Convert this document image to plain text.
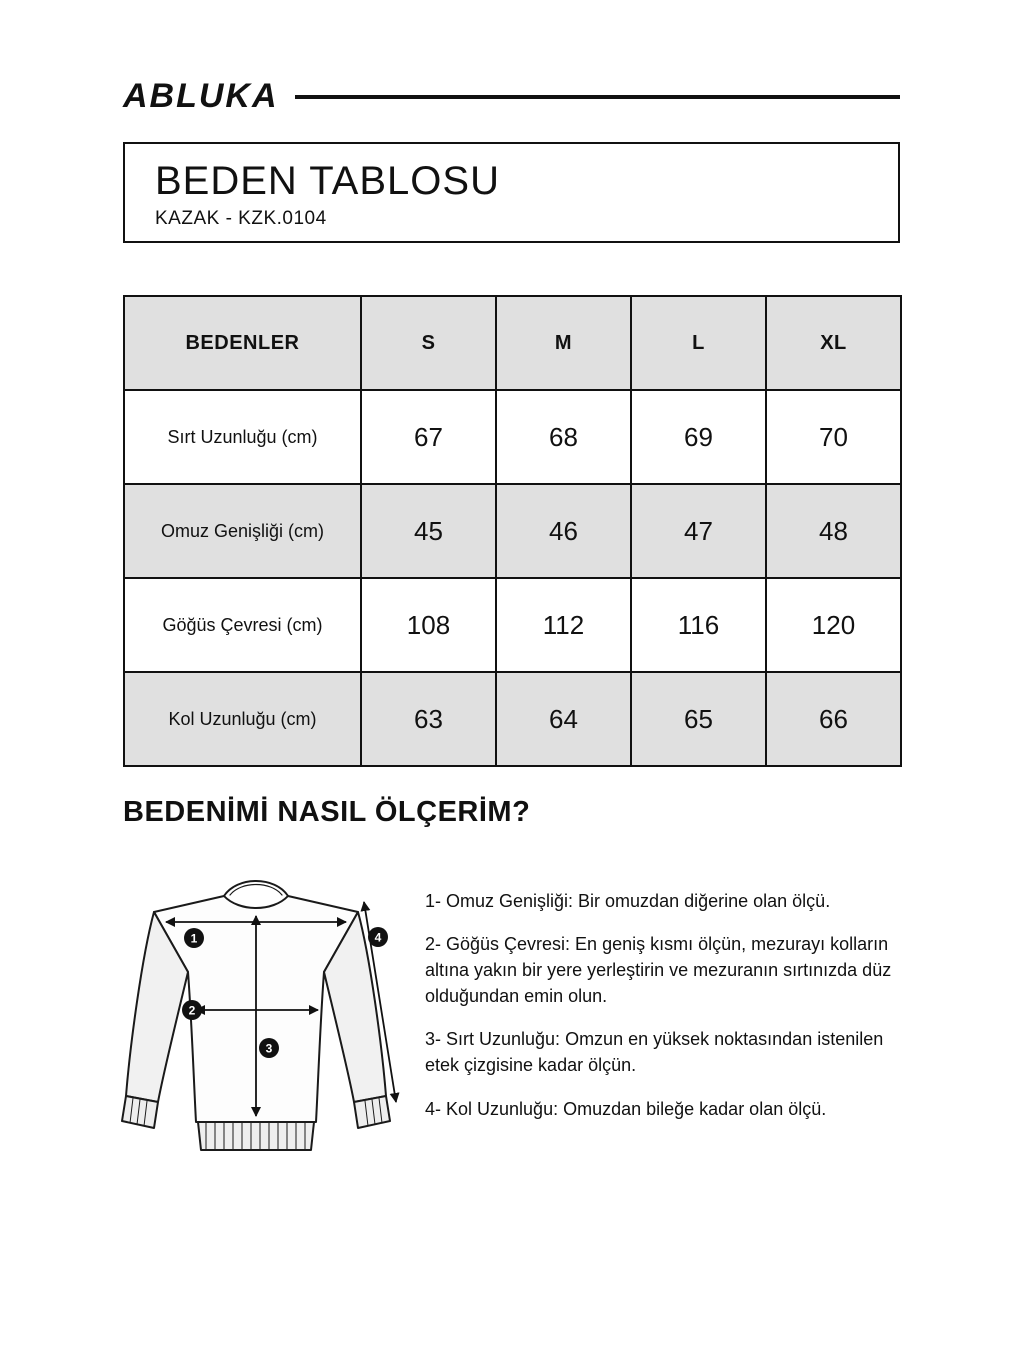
ABLUKA
BEDEN TABLOSU

KAZAK - KZK.0104

BEDENLER	S	M	L	XL
Sırt Uzunluğu (cm)	67	68	69	70
Omuz Genişliği (cm)	45	46	47	48
Göğüs Çevresi (cm)	108	112	116	120
Kol Uzunluğu (cm)	63	64	65	66
BEDENİMİ NASIL ÖLÇERİM?
1
2
3
4

1- Omuz Genişliği: Bir omuzdan diğerine olan ölçü.

2- Göğüs Çevresi: En geniş kısmı ölçün, mezurayı kolların altına yakın bir yere yerleştirin ve mezuranın sırtınızda düz olduğundan emin olun.

3- Sırt Uzunluğu: Omzun en yüksek noktasından istenilen etek çizgisine kadar ölçün.

4- Kol Uzunluğu: Omuzdan bileğe kadar olan ölçü.
